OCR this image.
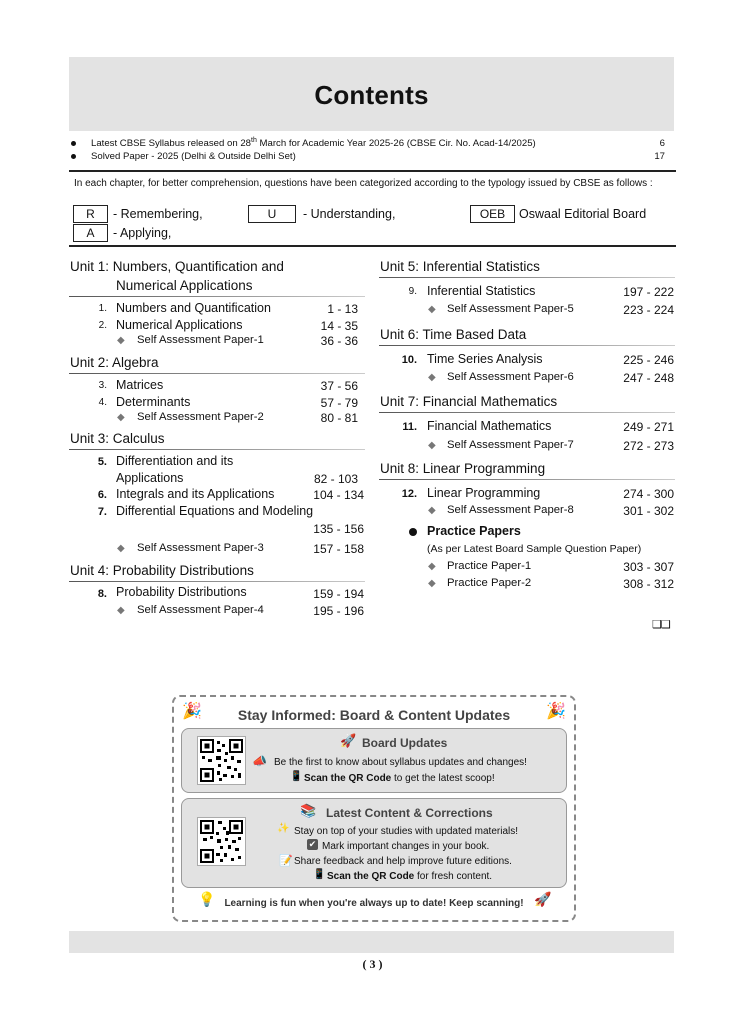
Contents
Latest CBSE Syllabus released on 28th March for Academic Year 2025-26 (CBSE Cir. No. Acad-14/2025)	6
Solved Paper - 2025 (Delhi & Outside Delhi Set)	17
In each chapter, for better comprehension, questions have been categorized according to the typology issued by CBSE as follows :
R	- Remembering,	U	- Understanding,	OEB	Oswaal Editorial Board
A	- Applying,
Unit 1: Numbers, Quantification and
Numerical Applications
1. Numbers and Quantification	1 - 13
2. Numerical Applications	14 - 35
◆ Self Assessment Paper-1	36 - 36
Unit 2: Algebra
3. Matrices	37 - 56
4. Determinants	57 - 79
◆ Self Assessment Paper-2	80 - 81
Unit 3: Calculus
5. Differentiation and its
Applications	82 - 103
6. Integrals and its Applications	104 - 134
7. Differential Equations and Modeling
135 - 156
◆ Self Assessment Paper-3	157 - 158
Unit 4: Probability Distributions
8. Probability Distributions	159 - 194
◆ Self Assessment Paper-4	195 - 196
Unit 5: Inferential Statistics
9. Inferential Statistics	197 - 222
◆ Self Assessment Paper-5	223 - 224
Unit 6: Time Based Data
10. Time Series Analysis	225 - 246
◆ Self Assessment Paper-6	247 - 248
Unit 7: Financial Mathematics
11. Financial Mathematics	249 - 271
◆ Self Assessment Paper-7	272 - 273
Unit 8: Linear Programming
12. Linear Programming	274 - 300
◆ Self Assessment Paper-8	301 - 302
Practice Papers
(As per Latest Board Sample Question Paper)
◆ Practice Paper-1	303 - 307
◆ Practice Paper-2	308 - 312
❑❑
🎉	🎉
Stay Informed: Board & Content Updates
🚀 Board Updates
📣 Be the first to know about syllabus updates and changes!
📱 Scan the QR Code to get the latest scoop!
📚 Latest Content & Corrections
✨ Stay on top of your studies with updated materials!
✔ Mark important changes in your book.
📝 Share feedback and help improve future editions.
📱 Scan the QR Code for fresh content.
💡 Learning is fun when you're always up to date! Keep scanning! 🚀
( 3 )
